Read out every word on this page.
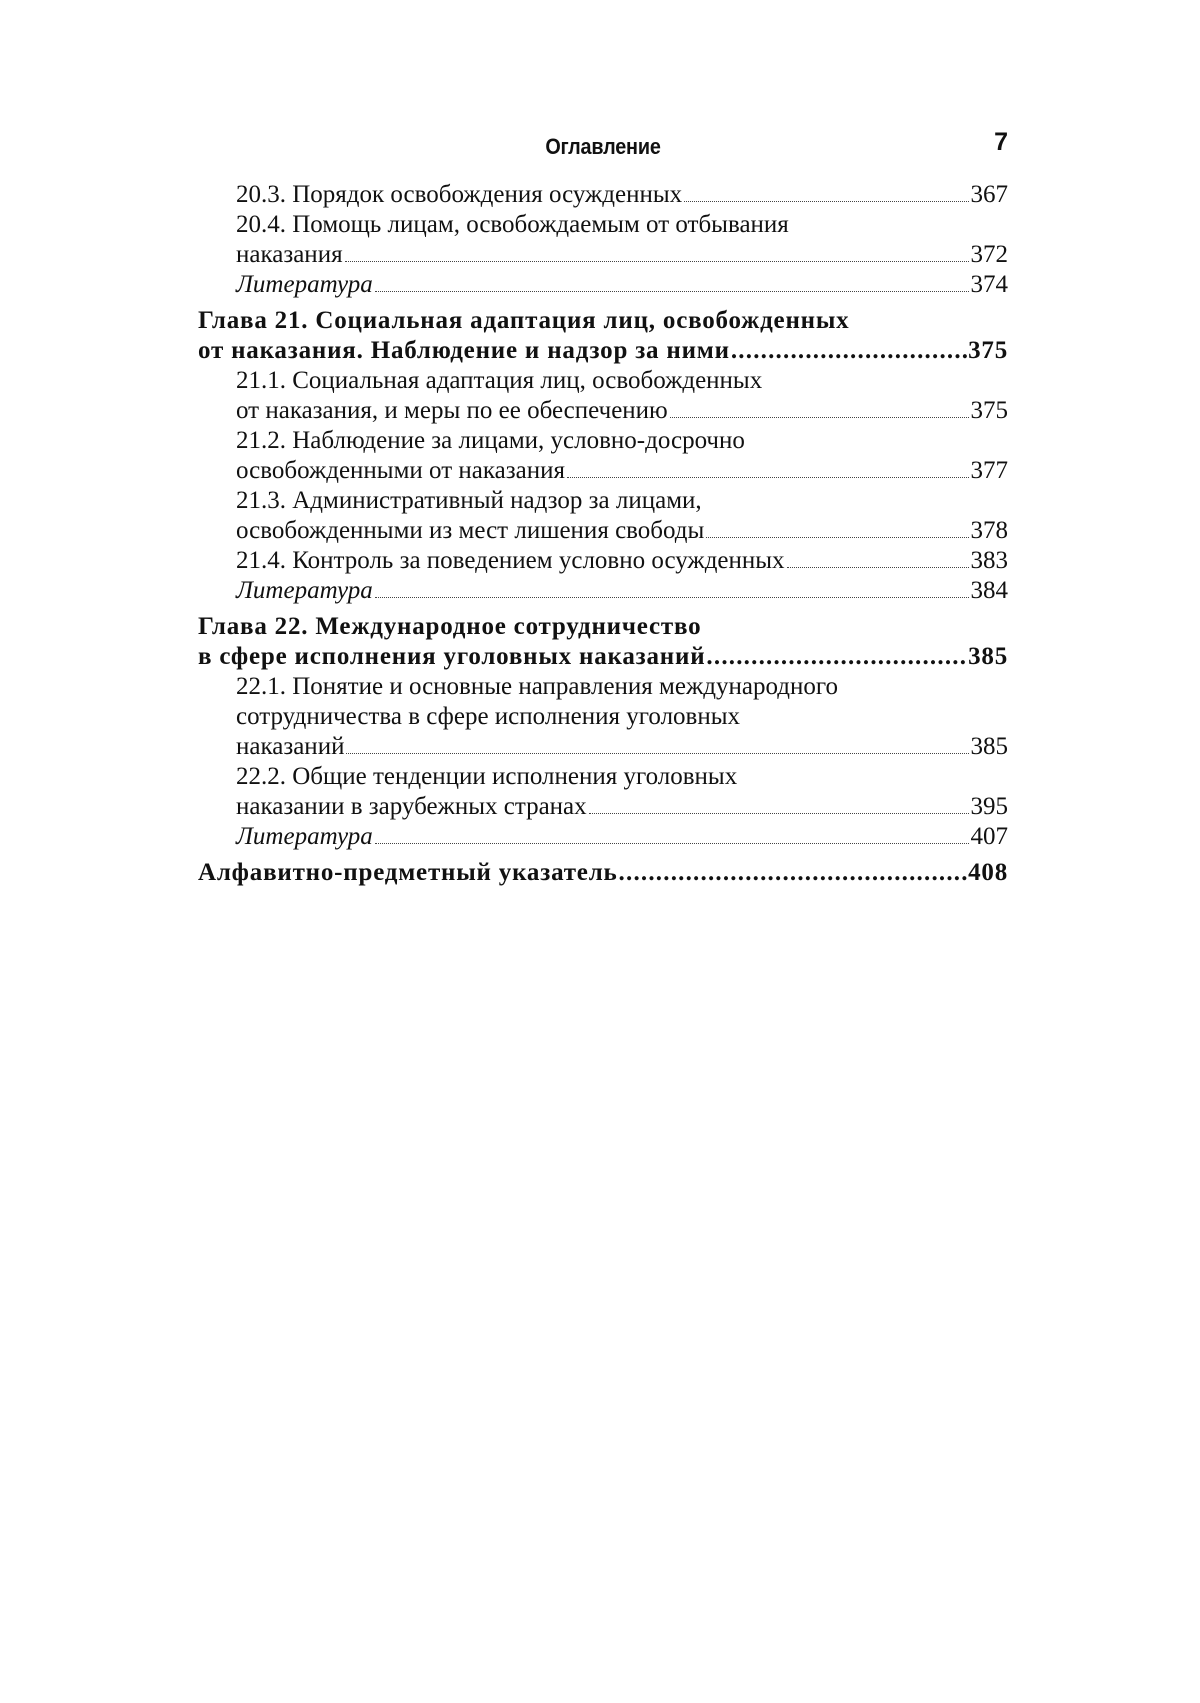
Оглавление	7
20.3. Порядок освобождения осужденных	367
20.4. Помощь лицам, освобождаемым от отбывания
наказания	372
Литература	374
Глава 21. Социальная адаптация лиц, освобожденных
от наказания. Наблюдение и надзор за ними .....	375
21.1. Социальная адаптация лиц, освобожденных
от наказания, и меры по ее обеспечению	375
21.2. Наблюдение за лицами, условно-досрочно
освобожденными от наказания	377
21.3. Административный надзор за лицами,
освобожденными из мест лишения свободы	378
21.4. Контроль за поведением условно осужденных	383
Литература	384
Глава 22. Международное сотрудничество
в сфере исполнения уголовных наказаний .....	385
22.1. Понятие и основные направления международного
сотрудничества в сфере исполнения уголовных
наказаний	385
22.2. Общие тенденции исполнения уголовных
наказании в зарубежных странах	395
Литература	407
Алфавитно-предметный указатель .....	408
